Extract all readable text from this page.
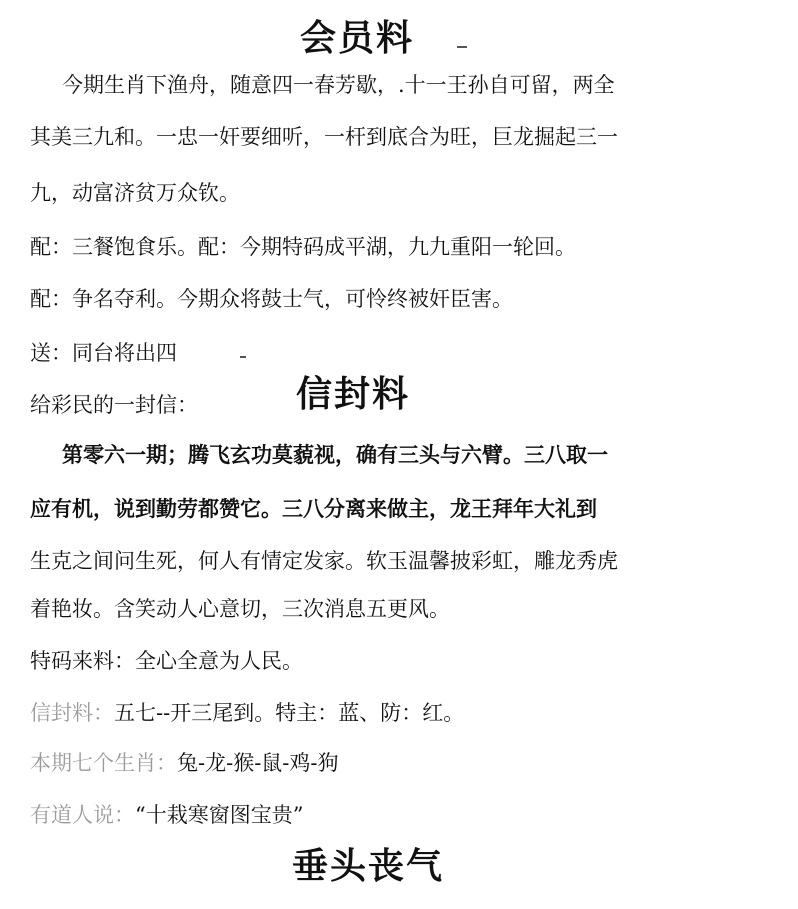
会员料
今期生肖下渔舟，随意四一春芳歇，.十一王孙自可留，两全
其美三九和。一忠一奸要细听，一杆到底合为旺，巨龙掘起三一
九，动富济贫万众钦。
配：三餐饱食乐。配：今期特码成平湖，九九重阳一轮回。
配：争名夺利。今期众将鼓士气，可怜终被奸臣害。
送：同台将出四
给彩民的一封信：	信封料
第零六一期；腾飞玄功莫藐视，确有三头与六臂。三八取一
应有机，说到勤劳都赞它。三八分离来做主，龙王拜年大礼到
生克之间问生死，何人有情定发家。软玉温馨披彩虹，雕龙秀虎
着艳妆。含笑动人心意切，三次消息五更风。
特码来料：全心全意为人民。
信封料：五七--开三尾到。特主：蓝、防：红。
本期七个生肖：兔-龙-猴-鼠-鸡-狗
有道人说：“十栽寒窗图宝贵”
垂头丧气
